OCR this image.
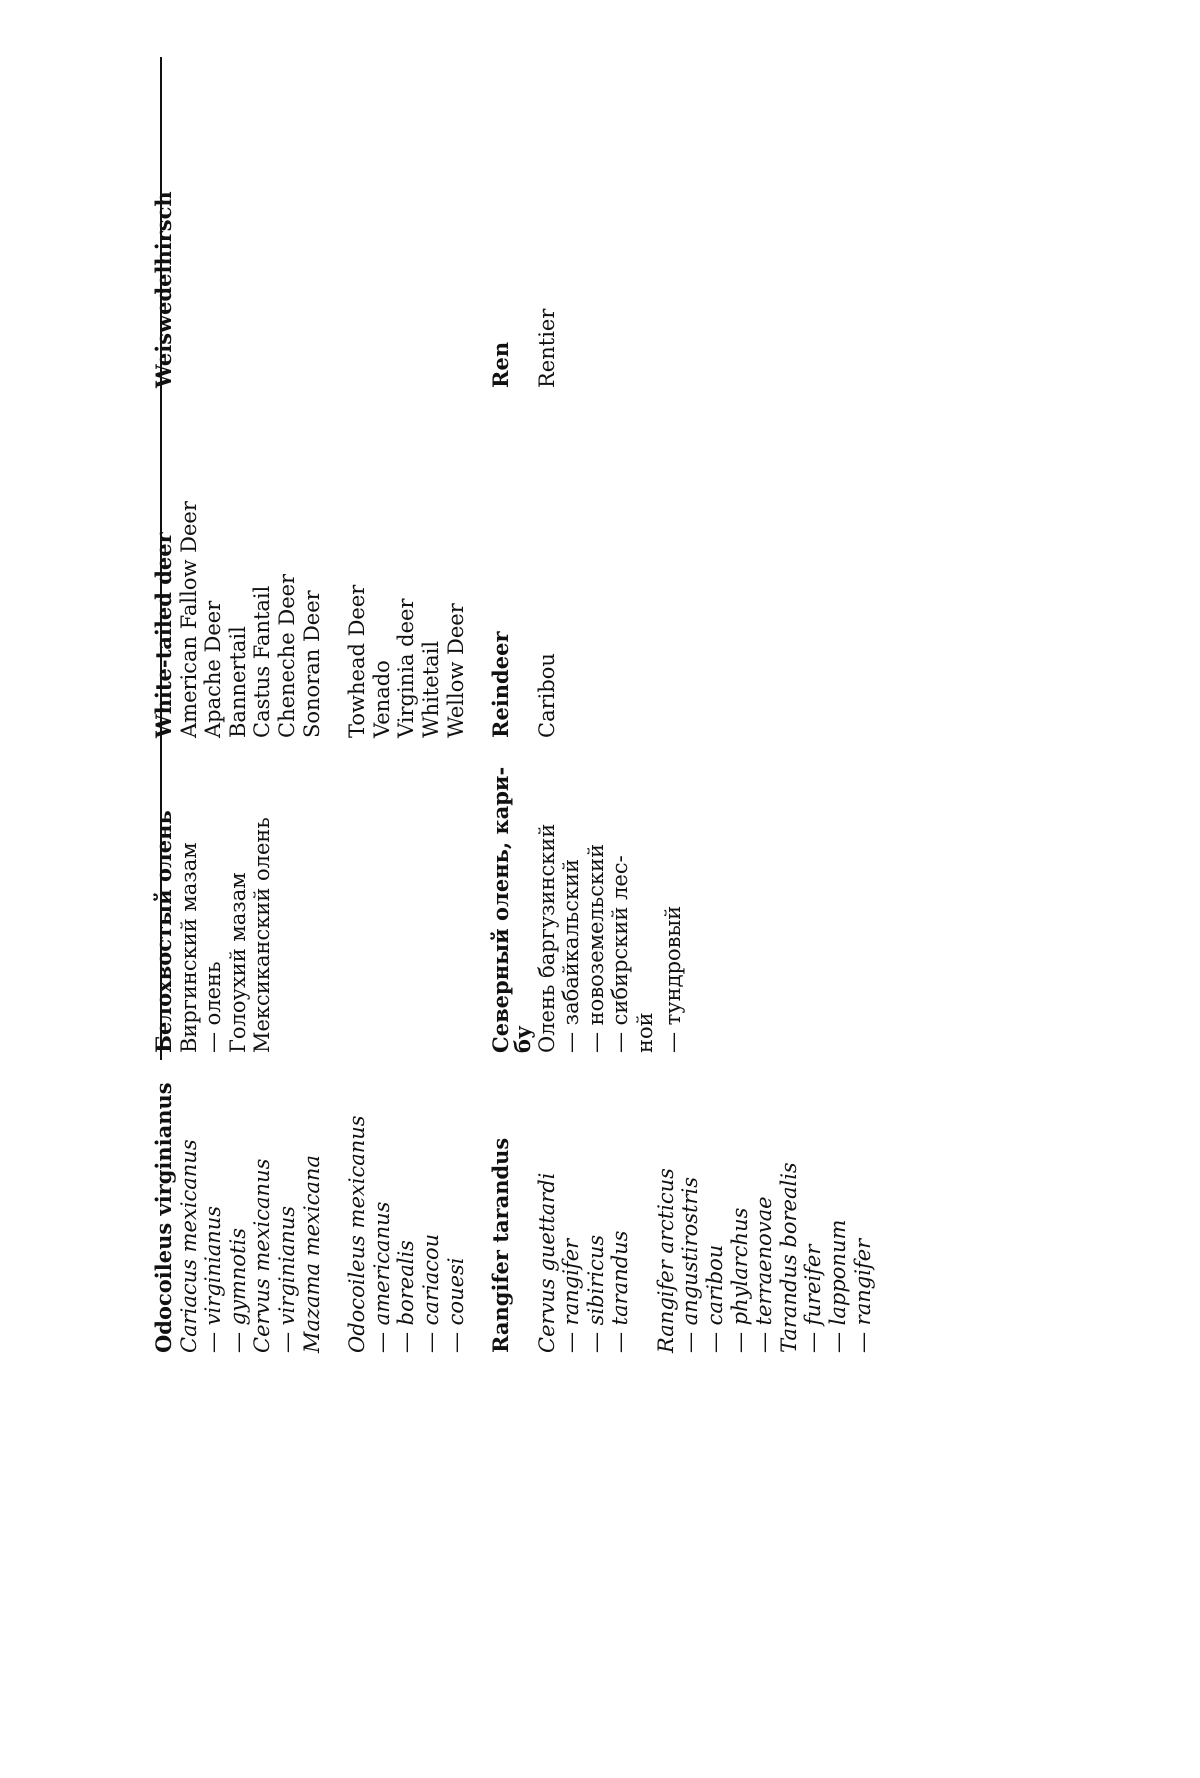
Odocoileus virginianus Cariacus mexicanus — virginianus — gymnotis Cervus mexicanus — virginianus Mazama mexicana Odocoileus mexicanus — americanus — borealis — cariacou — couesi Rangifer tarandus Cervus guettardi — rangifer — sibiricus — tarandus Rangifer arcticus — angustirostris — caribou — phylarchus — terraenovae Tarandus borealis — fureifer — lapponum — rangifer
Белохвостый олень Виргинский мазам — олень Голоухий мазам Мексиканский олень	Северный олень, кари-
бу Олень баргузинский — забайкальский — новоземельский — сибирский лес- ной — тундровый
White-tailed deer American Fallow Deer Apache Deer Bannertail Castus Fantail Cheneche Deer Sonoran Deer Towhead Deer Venado Virginia deer Whitetail Wellow Deer Reindeer Caribou
Weiswedelhirsch	Ren Rentier
